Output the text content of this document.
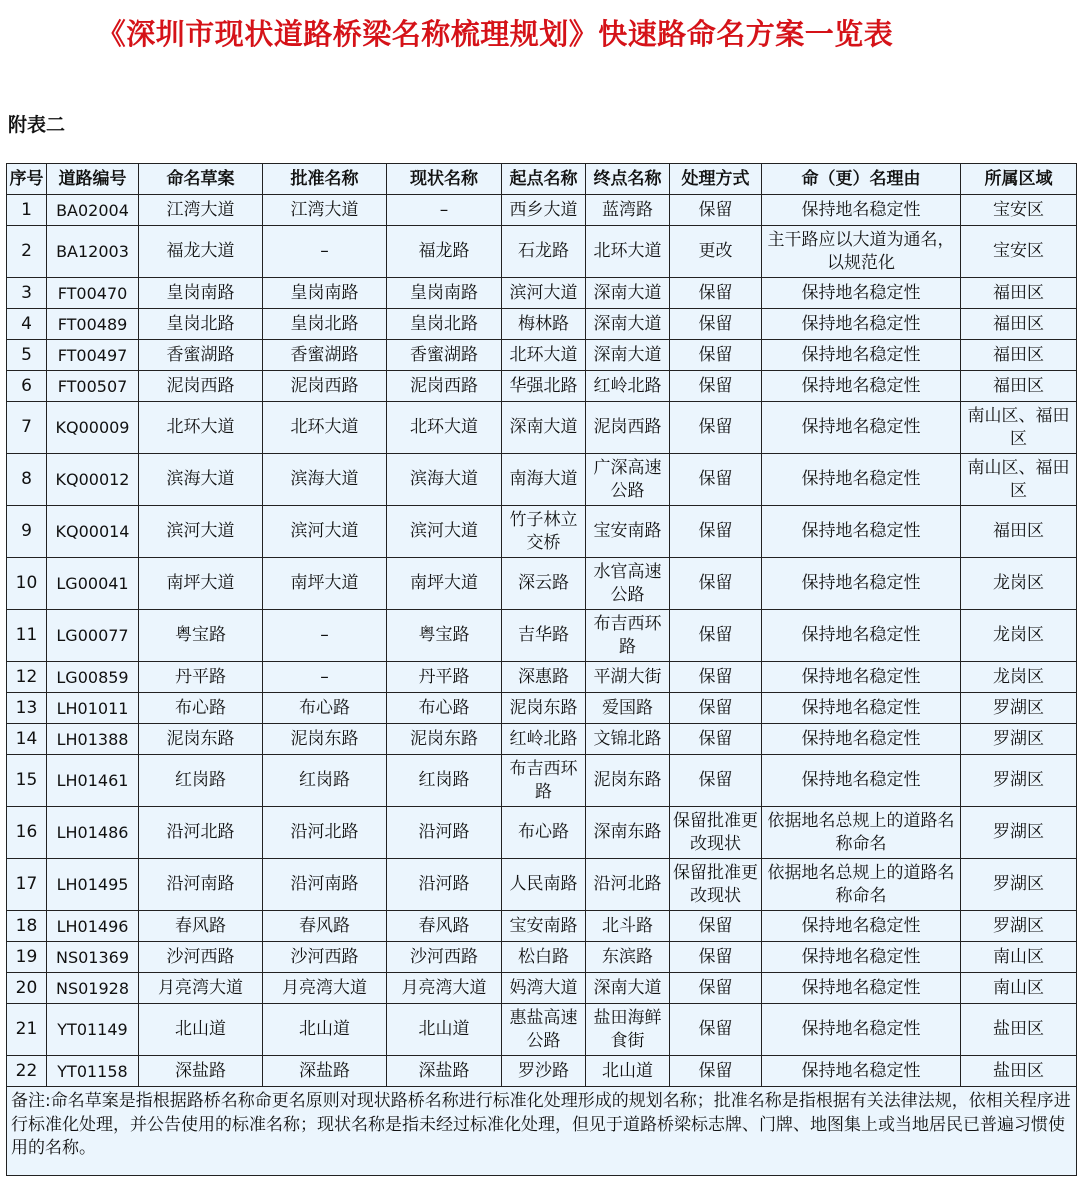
《深圳市现状道路桥梁名称梳理规划》快速路命名方案一览表
附表二
序号	道路编号	命名草案	批准名称	现状名称	起点名称	终点名称	处理方式	命（更）名理由	所属区域
1	BA02004	江湾大道	江湾大道	–	西乡大道	蓝湾路	保留	保持地名稳定性	宝安区
2	BA12003	福龙大道	–	福龙路	石龙路	北环大道	更改	主干路应以大道为通名，以规范化	宝安区
3	FT00470	皇岗南路	皇岗南路	皇岗南路	滨河大道	深南大道	保留	保持地名稳定性	福田区
4	FT00489	皇岗北路	皇岗北路	皇岗北路	梅林路	深南大道	保留	保持地名稳定性	福田区
5	FT00497	香蜜湖路	香蜜湖路	香蜜湖路	北环大道	深南大道	保留	保持地名稳定性	福田区
6	FT00507	泥岗西路	泥岗西路	泥岗西路	华强北路	红岭北路	保留	保持地名稳定性	福田区
7	KQ00009	北环大道	北环大道	北环大道	深南大道	泥岗西路	保留	保持地名稳定性	南山区、福田区
8	KQ00012	滨海大道	滨海大道	滨海大道	南海大道	广深高速公路	保留	保持地名稳定性	南山区、福田区
9	KQ00014	滨河大道	滨河大道	滨河大道	竹子林立交桥	宝安南路	保留	保持地名稳定性	福田区
10	LG00041	南坪大道	南坪大道	南坪大道	深云路	水官高速公路	保留	保持地名稳定性	龙岗区
11	LG00077	粤宝路	–	粤宝路	吉华路	布吉西环路	保留	保持地名稳定性	龙岗区
12	LG00859	丹平路	–	丹平路	深惠路	平湖大街	保留	保持地名稳定性	龙岗区
13	LH01011	布心路	布心路	布心路	泥岗东路	爱国路	保留	保持地名稳定性	罗湖区
14	LH01388	泥岗东路	泥岗东路	泥岗东路	红岭北路	文锦北路	保留	保持地名稳定性	罗湖区
15	LH01461	红岗路	红岗路	红岗路	布吉西环路	泥岗东路	保留	保持地名稳定性	罗湖区
16	LH01486	沿河北路	沿河北路	沿河路	布心路	深南东路	保留批准更改现状	依据地名总规上的道路名称命名	罗湖区
17	LH01495	沿河南路	沿河南路	沿河路	人民南路	沿河北路	保留批准更改现状	依据地名总规上的道路名称命名	罗湖区
18	LH01496	春风路	春风路	春风路	宝安南路	北斗路	保留	保持地名稳定性	罗湖区
19	NS01369	沙河西路	沙河西路	沙河西路	松白路	东滨路	保留	保持地名稳定性	南山区
20	NS01928	月亮湾大道	月亮湾大道	月亮湾大道	妈湾大道	深南大道	保留	保持地名稳定性	南山区
21	YT01149	北山道	北山道	北山道	惠盐高速公路	盐田海鲜食街	保留	保持地名稳定性	盐田区
22	YT01158	深盐路	深盐路	深盐路	罗沙路	北山道	保留	保持地名稳定性	盐田区
备注:命名草案是指根据路桥名称命更名原则对现状路桥名称进行标准化处理形成的规划名称；批准名称是指根据有关法律法规，依相关程序进行标准化处理，并公告使用的标准名称；现状名称是指未经过标准化处理，但见于道路桥梁标志牌、门牌、地图集上或当地居民已普遍习惯使用的名称。									
